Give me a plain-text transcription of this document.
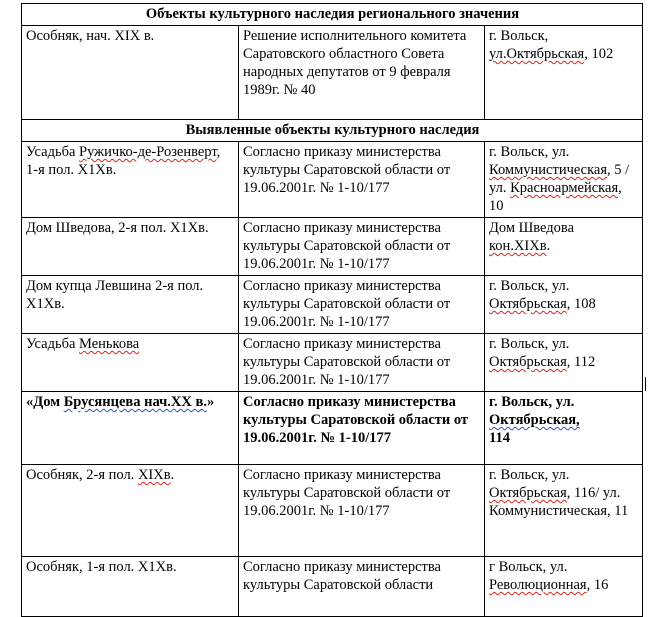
Объекты культурного наследия регионального значения		
Особняк, нач. XIX в.	Решение исполнительного комитета Саратовского областного Совета народных депутатов от 9 февраля 1989г. № 40	г. Вольск,
ул.Октябрьская, 102
Выявленные объекты культурного наследия		
Усадьба Ружичко-де-Розенверт, 1-я пол. X1Хв.	Согласно приказу министерства культуры Саратовской области от 19.06.2001г. № 1-10/177	г. Вольск, ул.
Коммунистическая, 5 /ул. Красноармейская, 10
Дом Шведова, 2-я пол. X1Хв.	Согласно приказу министерства культуры Саратовской области от 19.06.2001г. № 1-10/177	Дом Шведова
кон.XIXв.
Дом купца Левшина 2-я пол. X1Хв.	Согласно приказу министерства культуры Саратовской области от 19.06.2001г. № 1-10/177	г. Вольск, ул.
Октябрьская, 108
Усадьба Менькова	Согласно приказу министерства культуры Саратовской области от 19.06.2001г. № 1-10/177	г. Вольск, ул.
Октябрьская, 112
«Дом Брусянцева нач.XX в.»	Согласно приказу министерства культуры Саратовской области от 19.06.2001г. № 1-10/177	г. Вольск, ул.
Октябрьская,
114
Особняк, 2-я пол. XIXв.	Согласно приказу министерства культуры Саратовской области от 19.06.2001г. № 1-10/177	г. Вольск, ул.
Октябрьская, 116/ ул. Коммунистическая, 11
Особняк, 1-я пол. X1Хв.	Согласно приказу министерства культуры Саратовской области	г Вольск, ул.
Революционная, 16
